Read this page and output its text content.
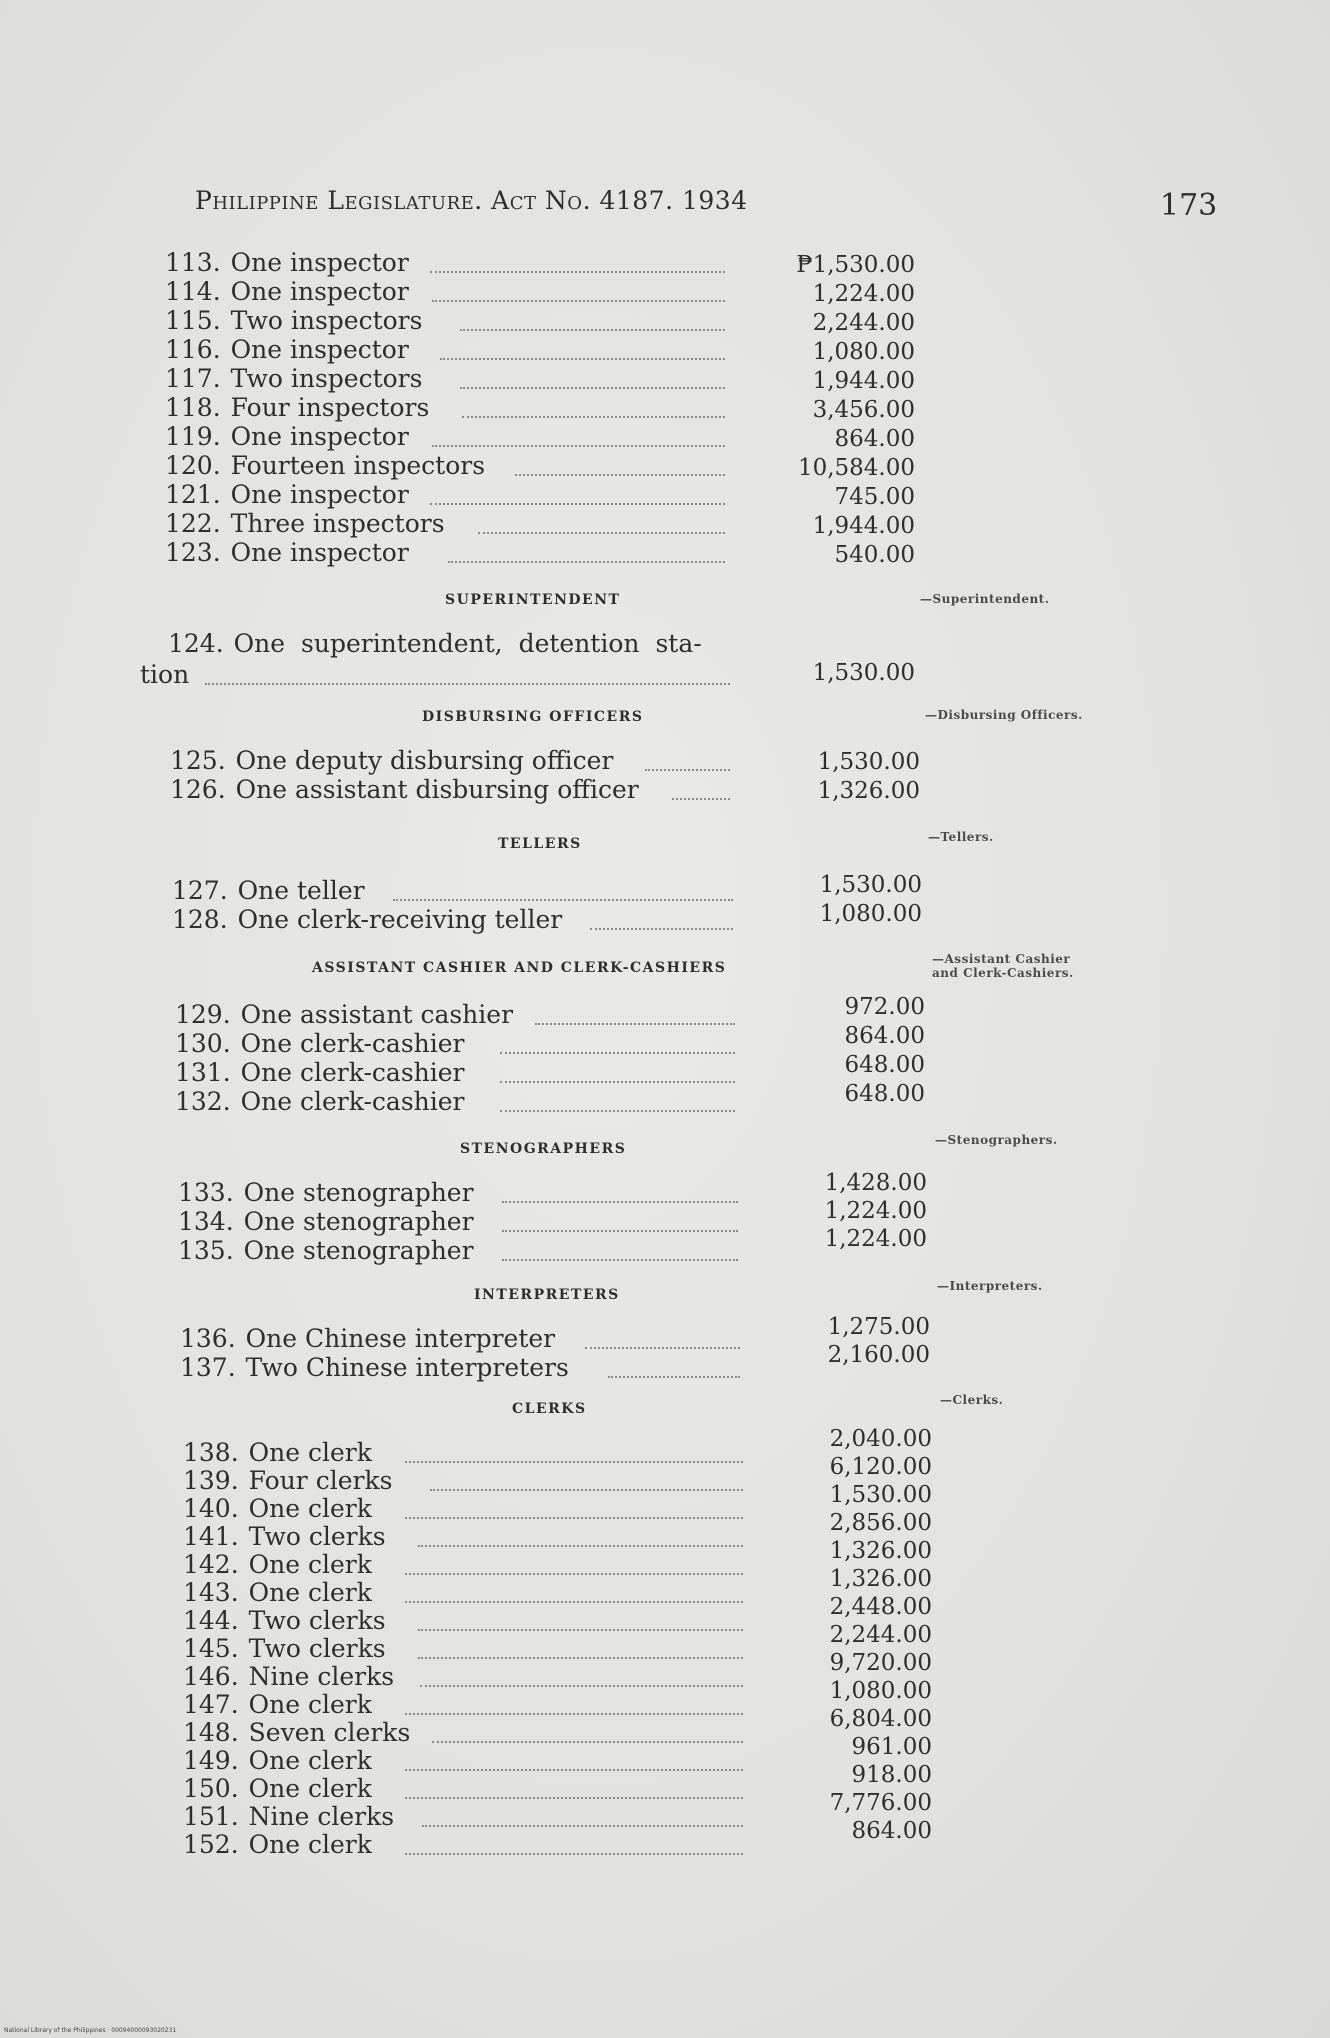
Philippine Legislature. Act No. 4187. 1934	173
113. One inspector	₱1,530.00
114. One inspector	1,224.00
115. Two inspectors	2,244.00
116. One inspector	1,080.00
117. Two inspectors	1,944.00
118. Four inspectors	3,456.00
119. One inspector	864.00
120. Fourteen inspectors	10,584.00
121. One inspector	745.00
122. Three inspectors	1,944.00
123. One inspector	540.00
SUPERINTENDENT	—Superintendent.
124. One superintendent, detention sta-
tion	1,530.00
DISBURSING OFFICERS	—Disbursing Officers.
125. One deputy disbursing officer	1,530.00
126. One assistant disbursing officer	1,326.00
TELLERS	—Tellers.
127. One teller	1,530.00
128. One clerk-receiving teller	1,080.00
ASSISTANT CASHIER AND CLERK-CASHIERS
—Assistant Cashier
and Clerk-Cashiers.
129. One assistant cashier	972.00
130. One clerk-cashier	864.00
131. One clerk-cashier	648.00
132. One clerk-cashier	648.00
STENOGRAPHERS
—Stenographers.
133. One stenographer	1,428.00
134. One stenographer	1,224.00
135. One stenographer	1,224.00
INTERPRETERS
—Interpreters.
136. One Chinese interpreter	1,275.00
137. Two Chinese interpreters	2,160.00
CLERKS
—Clerks.
138. One clerk	2,040.00
139. Four clerks	6,120.00
140. One clerk	1,530.00
141. Two clerks	2,856.00
142. One clerk	1,326.00
143. One clerk	1,326.00
144. Two clerks	2,448.00
145. Two clerks	2,244.00
146. Nine clerks	9,720.00
147. One clerk	1,080.00
148. Seven clerks	6,804.00
149. One clerk	961.00
150. One clerk	918.00
151. Nine clerks	7,776.00
152. One clerk	864.00
National Library of the Philippines · 00094000093020231
